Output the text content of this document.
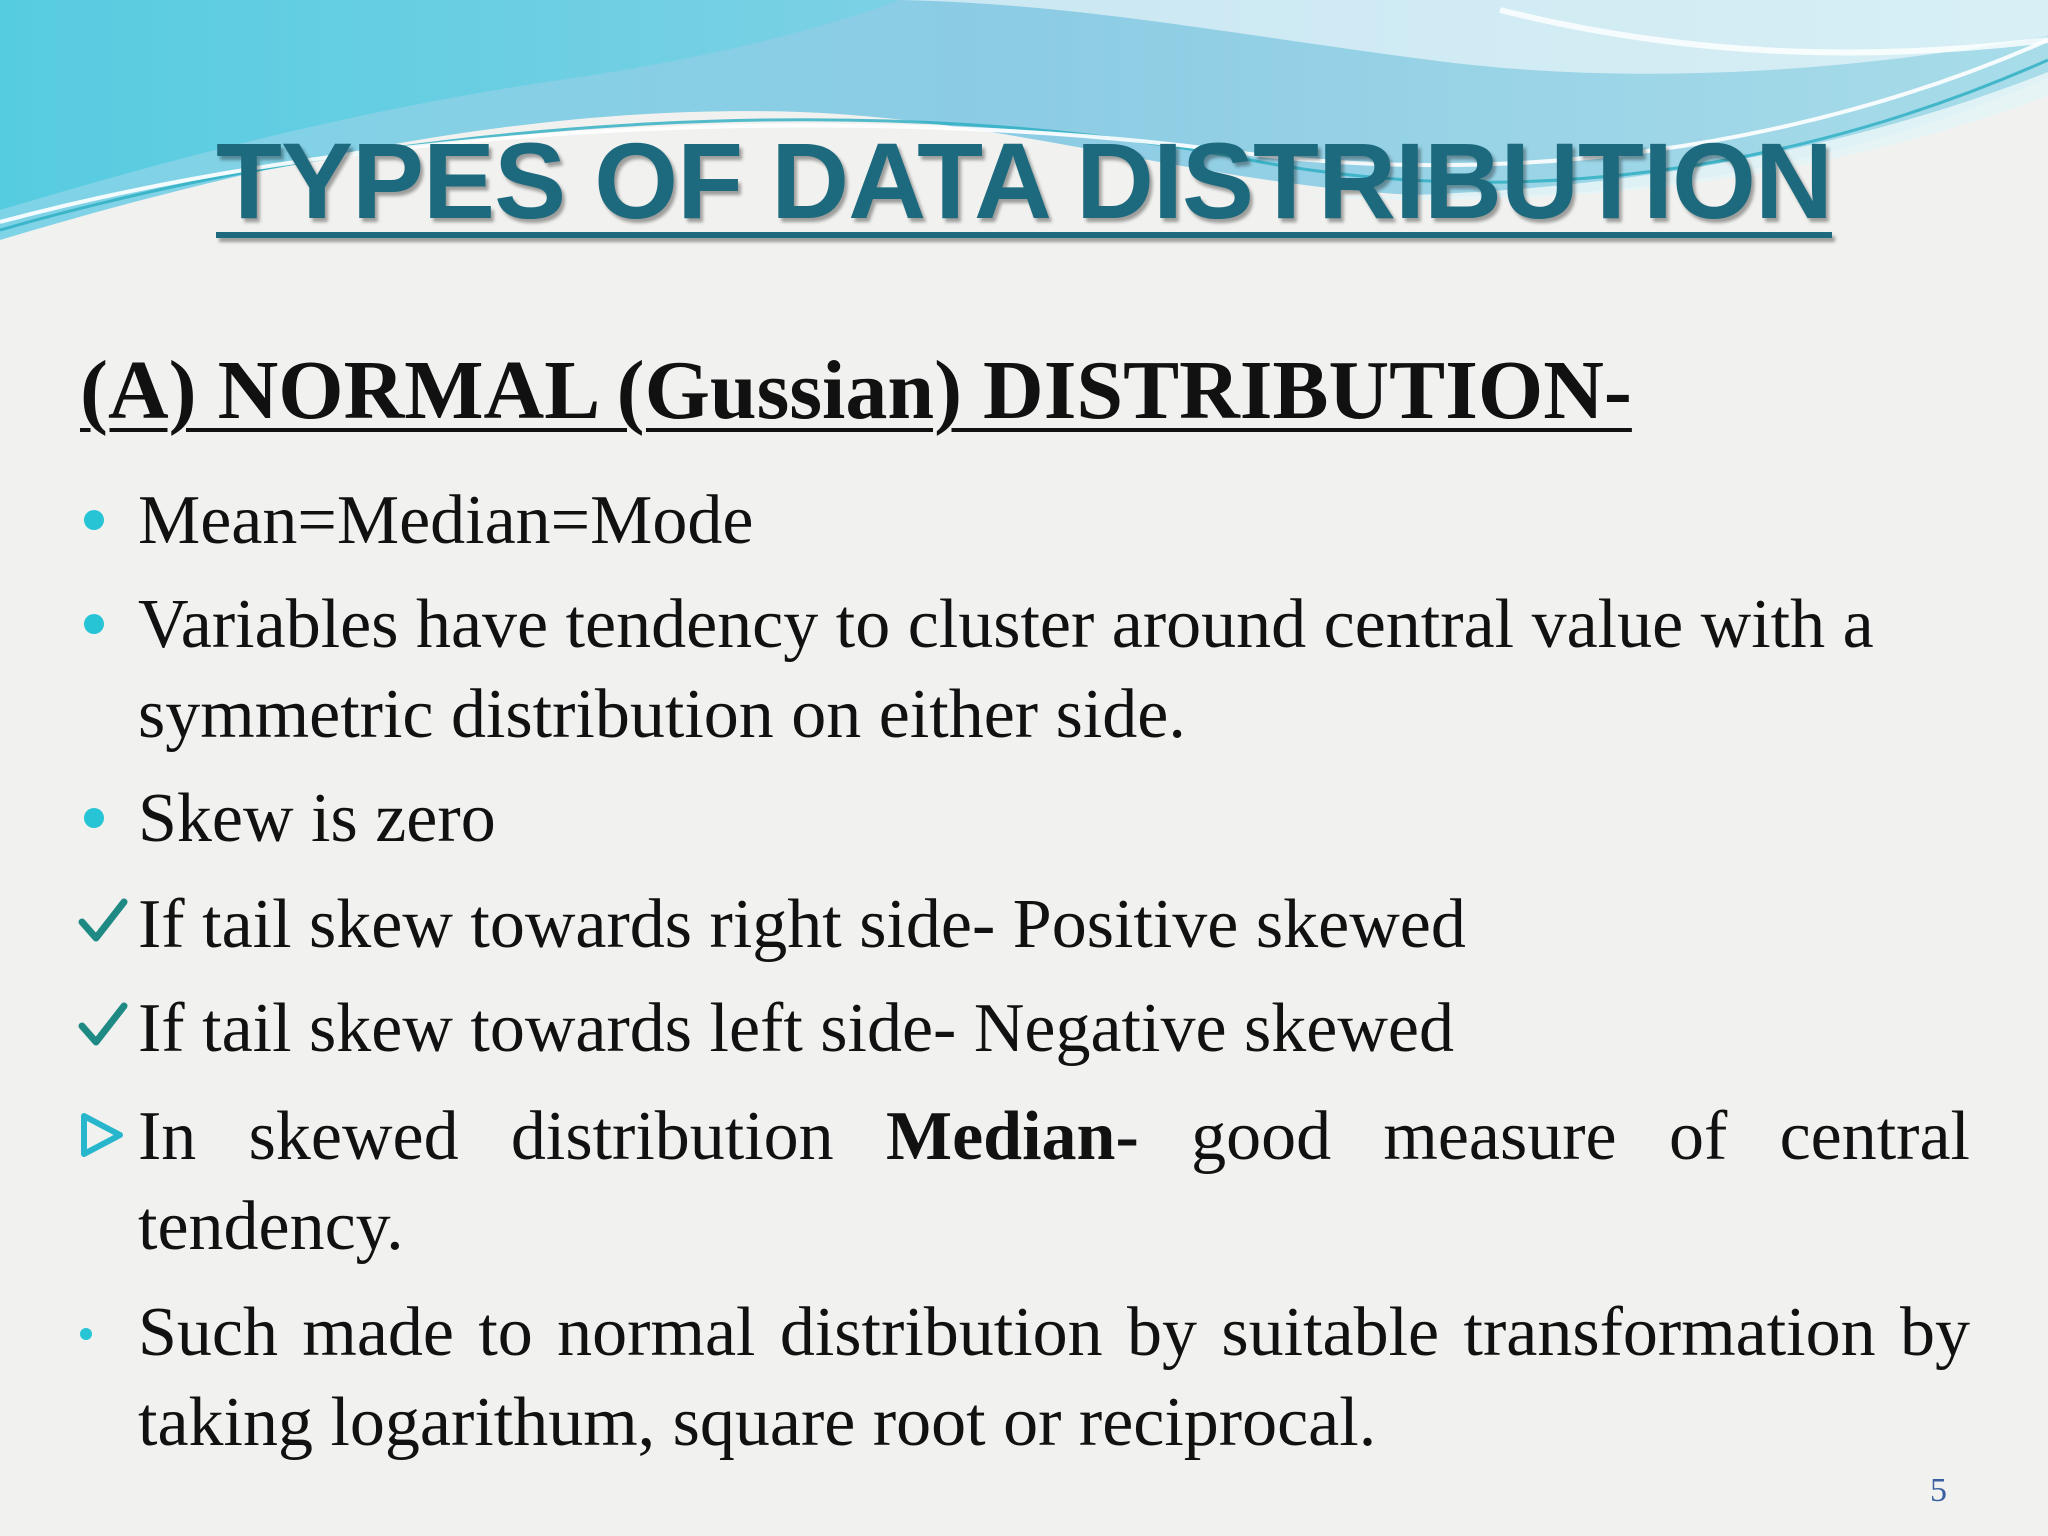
TYPES OF DATA DISTRIBUTION
(A) NORMAL (Gussian) DISTRIBUTION-

Mean=Median=Mode

Variables have tendency to cluster around central value with a symmetric distribution on either side.

Skew is zero

If tail skew towards right side- Positive skewed

If tail skew towards left side- Negative skewed

In skewed distribution Median- good measure of central tendency.

Such made to normal distribution by suitable transformation by taking logarithum, square root or reciprocal.

5
